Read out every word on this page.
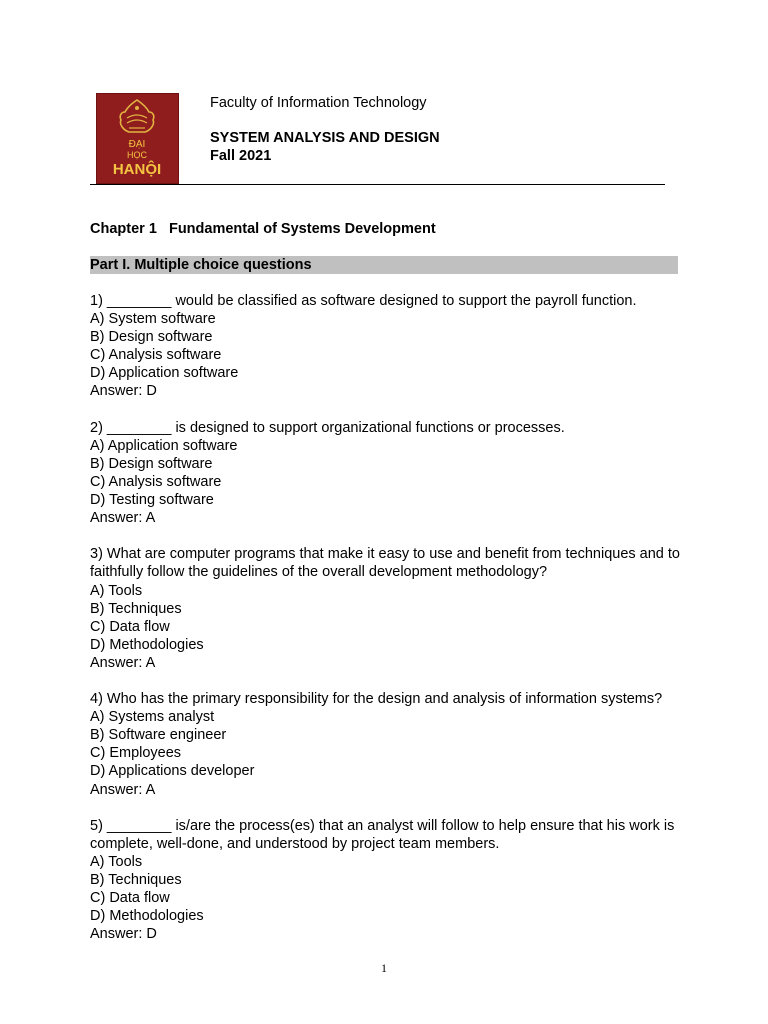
ĐẠI
HỌC
HANỘI
Faculty of Information Technology
SYSTEM ANALYSIS AND DESIGN
Fall 2021
Chapter 1   Fundamental of Systems Development
Part I. Multiple choice questions
1) ________ would be classified as software designed to support the payroll function.
A) System software
B) Design software
C) Analysis software
D) Application software
Answer: D
2) ________ is designed to support organizational functions or processes.
A) Application software
B) Design software
C) Analysis software
D) Testing software
Answer: A
3) What are computer programs that make it easy to use and benefit from techniques and to faithfully follow the guidelines of the overall development methodology?
A) Tools
B) Techniques
C) Data flow
D) Methodologies
Answer: A
4) Who has the primary responsibility for the design and analysis of information systems?
A) Systems analyst
B) Software engineer
C) Employees
D) Applications developer
Answer: A
5) ________ is/are the process(es) that an analyst will follow to help ensure that his work is complete, well-done, and understood by project team members.
A) Tools
B) Techniques
C) Data flow
D) Methodologies
Answer: D
1
